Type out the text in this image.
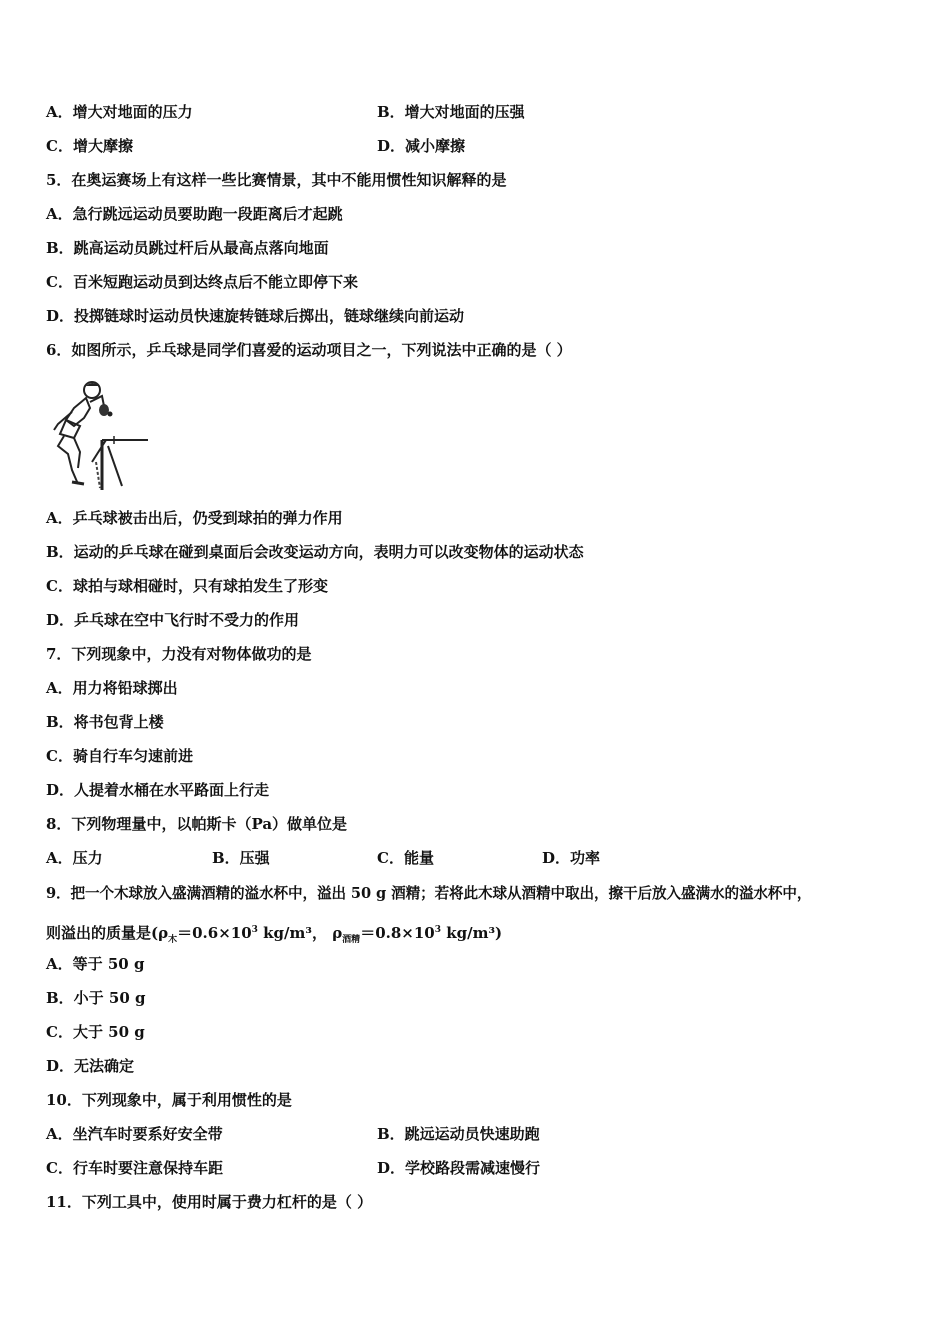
A．增大对地面的压力	B．增大对地面的压强
C．增大摩擦	D．减小摩擦
5．在奥运赛场上有这样一些比赛情景，其中不能用惯性知识解释的是
A．急行跳远运动员要助跑一段距离后才起跳
B．跳高运动员跳过杆后从最高点落向地面
C．百米短跑运动员到达终点后不能立即停下来
D．投掷链球时运动员快速旋转链球后掷出，链球继续向前运动
6．如图所示，乒乓球是同学们喜爱的运动项目之一，下列说法中正确的是（ ）
A．乒乓球被击出后，仍受到球拍的弹力作用
B．运动的乒乓球在碰到桌面后会改变运动方向，表明力可以改变物体的运动状态
C．球拍与球相碰时，只有球拍发生了形变
D．乒乓球在空中飞行时不受力的作用
7．下列现象中，力没有对物体做功的是
A．用力将铅球掷出
B．将书包背上楼
C．骑自行车匀速前进
D．人提着水桶在水平路面上行走
8．下列物理量中，以帕斯卡（Pa）做单位是
A．压力	B．压强	C．能量	D．功率
9．把一个木球放入盛满酒精的溢水杯中，溢出 50 g 酒精；若将此木球从酒精中取出，擦干后放入盛满水的溢水杯中，
则溢出的质量是($\rho_木=0.6\times 10^3$ kg/m³， $\rho_{酒精}=0.8\times 10^3$ kg/m³)
A．等于 50 g
B．小于 50 g
C．大于 50 g
D．无法确定
10．下列现象中，属于利用惯性的是
A．坐汽车时要系好安全带	B．跳远运动员快速助跑
C．行车时要注意保持车距	D．学校路段需减速慢行
11．下列工具中，使用时属于费力杠杆的是（ ）
